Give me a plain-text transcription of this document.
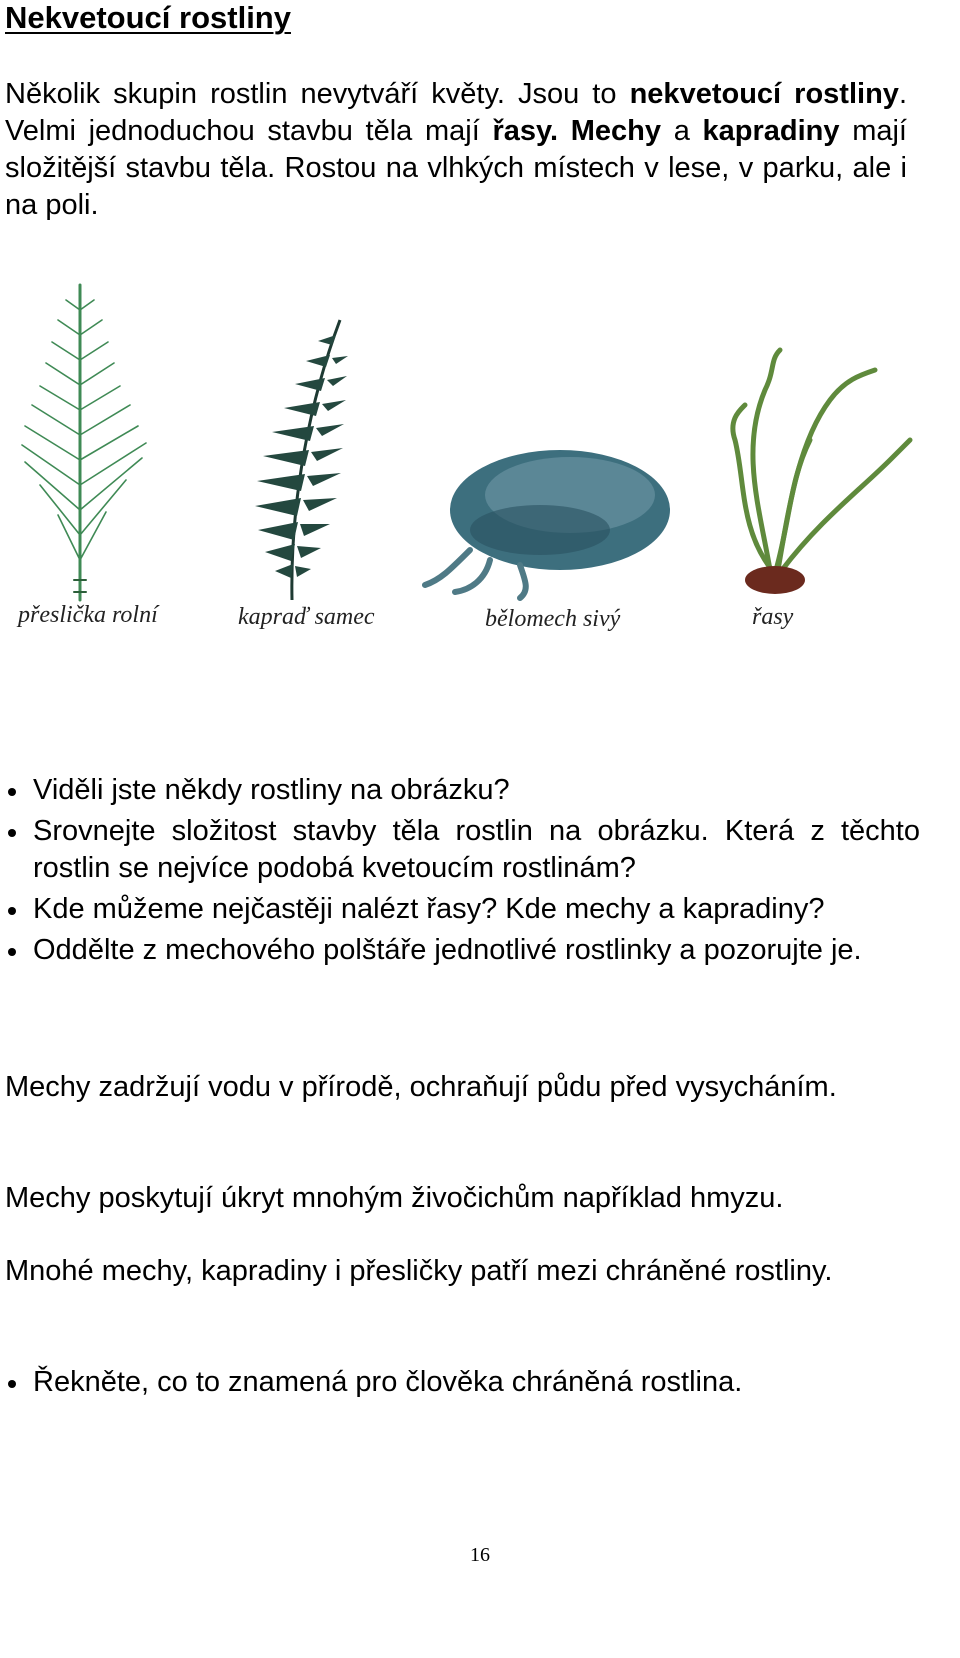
Nekvetoucí rostliny

Několik skupin rostlin nevytváří květy. Jsou to nekvetoucí rostliny. Velmi jednoduchou stavbu těla mají řasy. Mechy a kapradiny mají složitější stavbu těla. Rostou na vlhkých místech v lese, v parku, ale i na poli.

přeslička rolní	kapraď samec	bělomech sivý	řasy
Viděli jste někdy rostliny na obrázku?
Srovnejte složitost stavby těla rostlin na obrázku. Která z těchto rostlin se nejvíce podobá kvetoucím rostlinám?
Kde můžeme nejčastěji nalézt řasy? Kde mechy a kapradiny?
Oddělte z mechového polštáře jednotlivé rostlinky a pozorujte je.

Mechy zadržují vodu v přírodě, ochraňují půdu před vysycháním.

Mechy poskytují úkryt mnohým živočichům například hmyzu.

Mnohé mechy, kapradiny i přesličky patří mezi chráněné rostliny.

Řekněte, co to znamená pro člověka chráněná rostlina.
16
